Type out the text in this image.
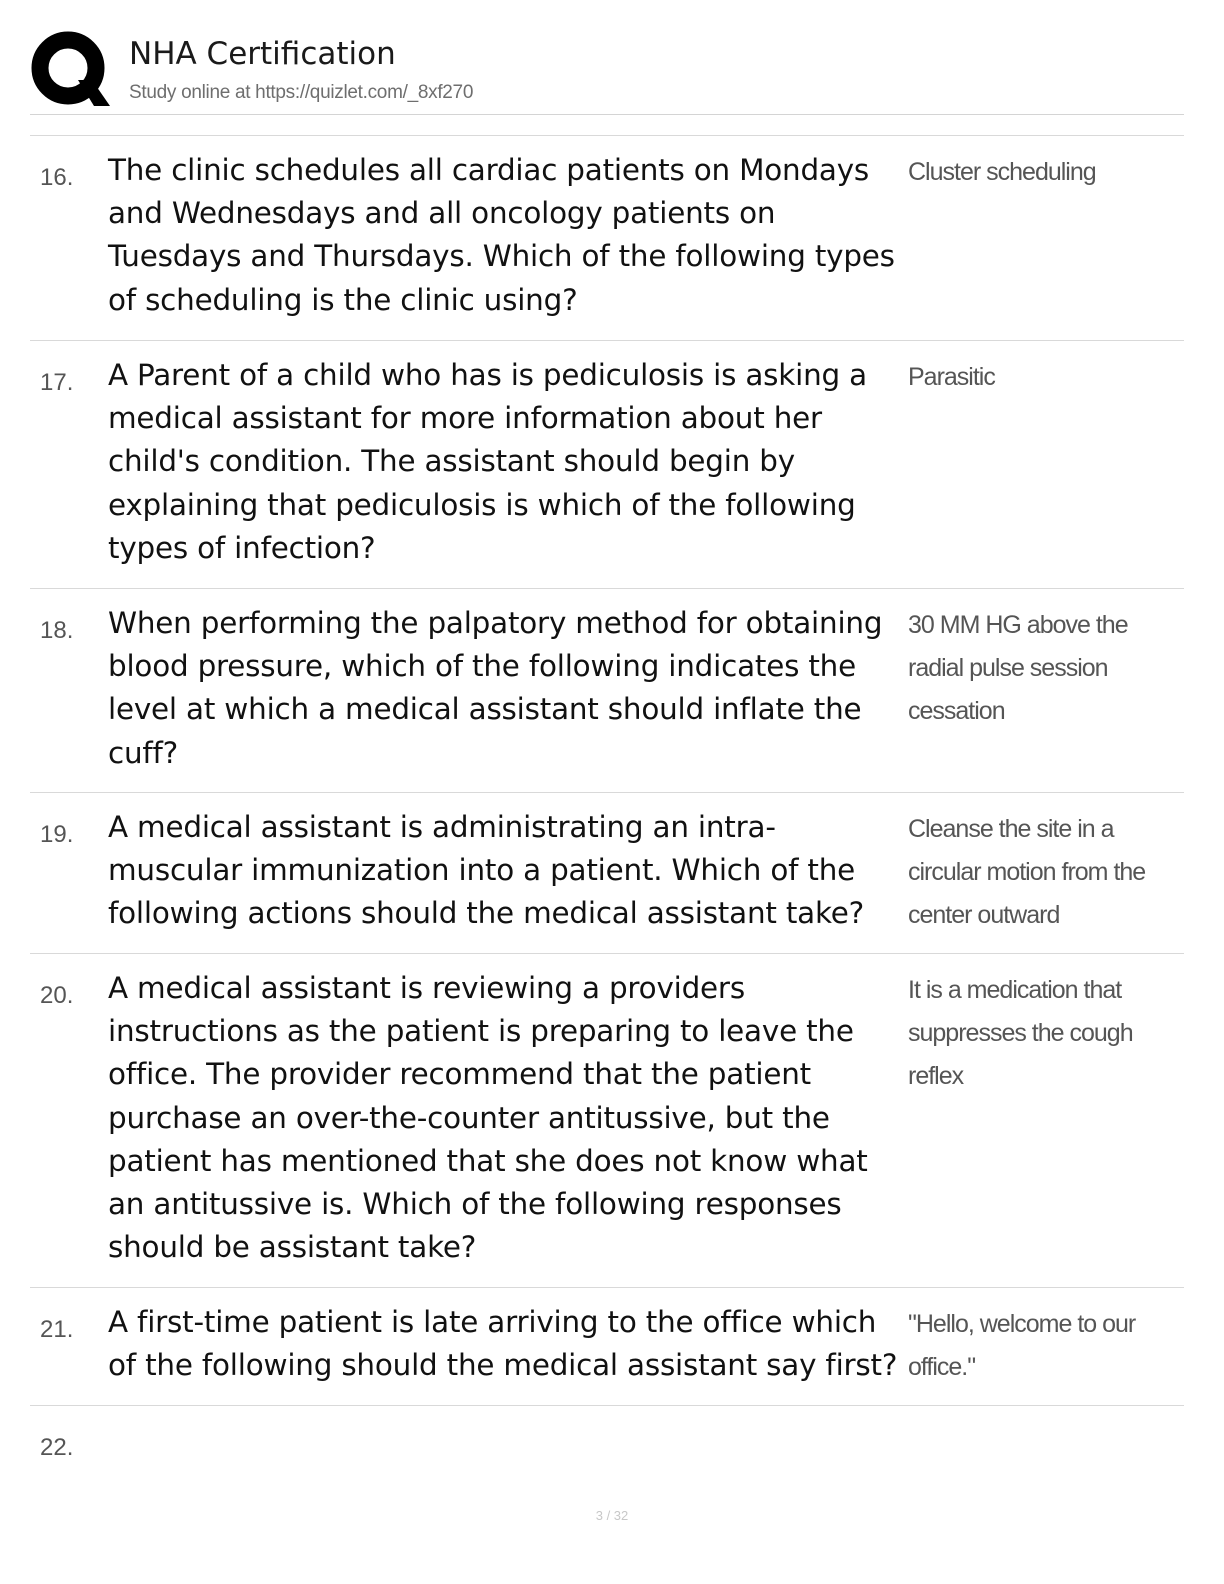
NHA Certification
Study online at https://quizlet.com/_8xf270
16. The clinic schedules all cardiac patients on Mondays and Wednesdays and all oncology patients on Tuesdays and Thursdays. Which of the following types of scheduling is the clinic using?
Cluster scheduling
17. A Parent of a child who has is pediculosis is asking a medical assistant for more information about her child's condition. The assistant should begin by explaining that pediculosis is which of the following types of infection?
Parasitic
18. When performing the palpatory method for obtaining blood pressure, which of the following indicates the level at which a medical assistant should inflate the cuff?
30 MM HG above the radial pulse session cessation
19. A medical assistant is administrating an intra-muscular immunization into a patient. Which of the following actions should the medical assistant take?
Cleanse the site in a circular motion from the center outward
20. A medical assistant is reviewing a providers instructions as the patient is preparing to leave the office. The provider recommend that the patient purchase an over-the-counter antitussive, but the patient has mentioned that she does not know what an antitussive is. Which of the following responses should be assistant take?
It is a medication that suppresses the cough reflex
21. A first-time patient is late arriving to the office which of the following should the medical assistant say first?
"Hello, welcome to our office."
22.
3 / 32
